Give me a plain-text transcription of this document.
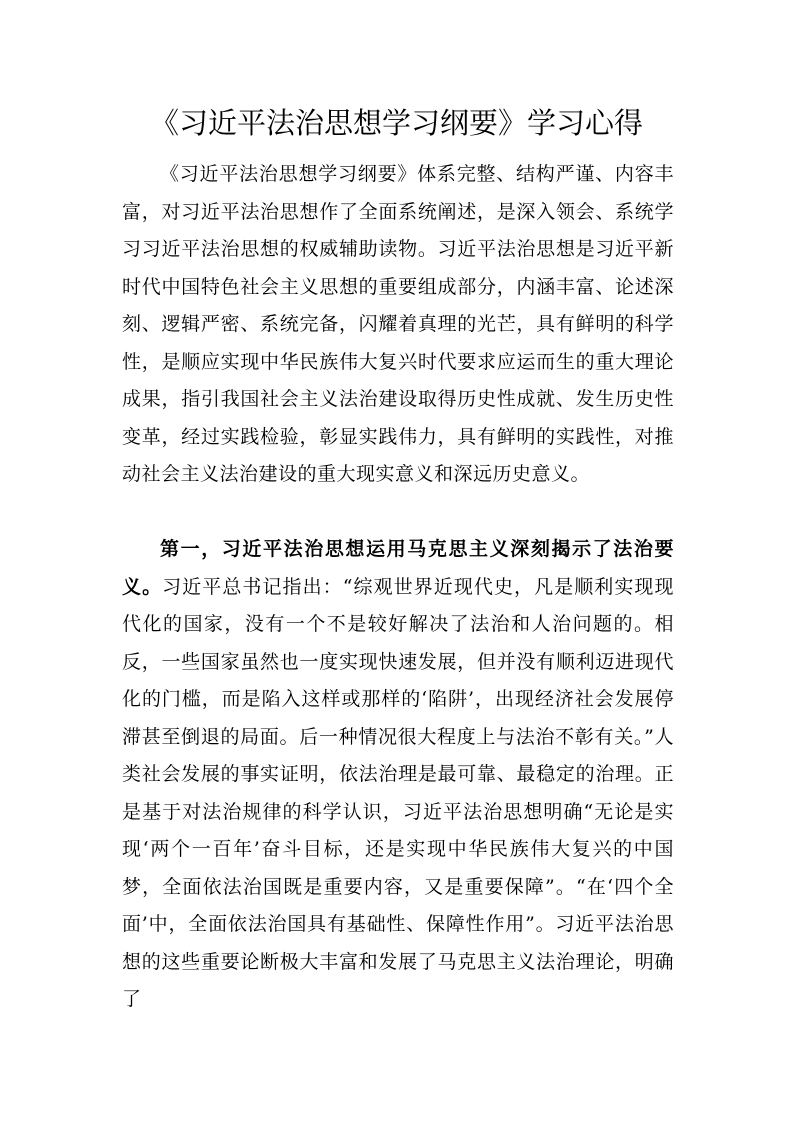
《习近平法治思想学习纲要》学习心得

《习近平法治思想学习纲要》体系完整、结构严谨、内容丰富，对习近平法治思想作了全面系统阐述，是深入领会、系统学习习近平法治思想的权威辅助读物。习近平法治思想是习近平新时代中国特色社会主义思想的重要组成部分，内涵丰富、论述深刻、逻辑严密、系统完备，闪耀着真理的光芒，具有鲜明的科学性，是顺应实现中华民族伟大复兴时代要求应运而生的重大理论成果，指引我国社会主义法治建设取得历史性成就、发生历史性变革，经过实践检验，彰显实践伟力，具有鲜明的实践性，对推动社会主义法治建设的重大现实意义和深远历史意义。

第一，习近平法治思想运用马克思主义深刻揭示了法治要义。习近平总书记指出：“综观世界近现代史，凡是顺利实现现代化的国家，没有一个不是较好解决了法治和人治问题的。相反，一些国家虽然也一度实现快速发展，但并没有顺利迈进现代化的门槛，而是陷入这样或那样的‘陷阱’，出现经济社会发展停滞甚至倒退的局面。后一种情况很大程度上与法治不彰有关。”人类社会发展的事实证明，依法治理是最可靠、最稳定的治理。正是基于对法治规律的科学认识，习近平法治思想明确“无论是实现‘两个一百年’奋斗目标，还是实现中华民族伟大复兴的中国梦，全面依法治国既是重要内容，又是重要保障”。“在‘四个全面’中，全面依法治国具有基础性、保障性作用”。习近平法治思想的这些重要论断极大丰富和发展了马克思主义法治理论，明确了
